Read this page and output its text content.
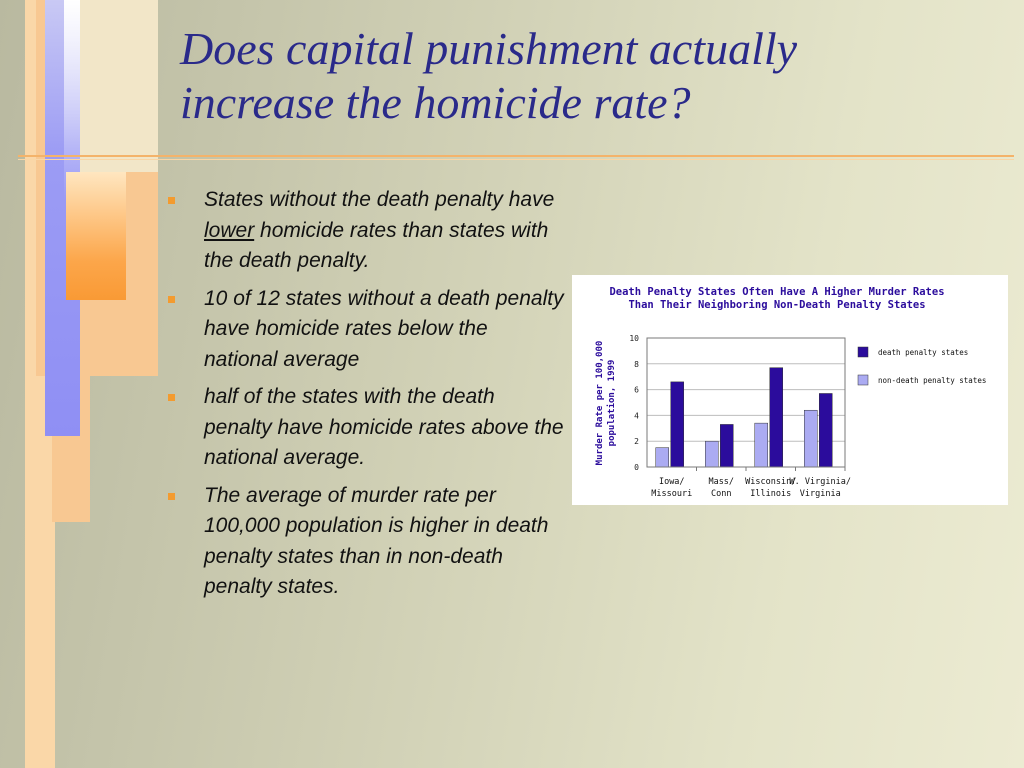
Does capital punishment actually
increase the homicide rate?
States without the death penalty have lower homicide rates than states with the death penalty.
10 of 12 states without a death penalty have homicide rates below the national average
half of the states with the death penalty have homicide rates above the national average.
The average of murder rate per 100,000 population is higher in death penalty states than in non-death penalty states.
Death Penalty States Often Have A Higher Murder Rates
Than Their Neighboring Non-Death Penalty States
Murder Rate per 100,000 population, 1999
0
2
4
6
8
10
Iowa/
Missouri
Mass/
Conn
Wisconsin/
Illinois
W. Virginia/
Virginia
death penalty states
non-death penalty states
